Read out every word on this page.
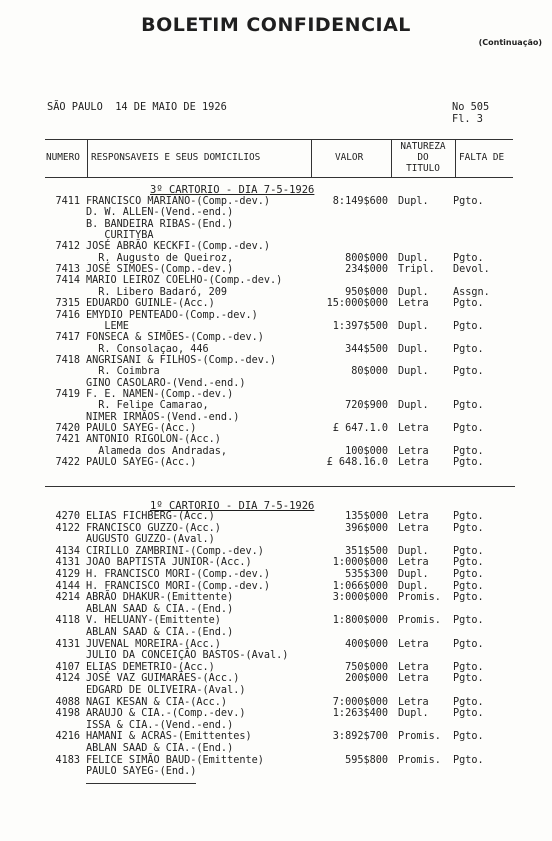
BOLETIM CONFIDENCIAL
(Continuação)
SÃO PAULO  14 DE MAIO DE 1926	No 505
Fl. 3
NUMERO RESPONSAVEIS E SEUS DOMICILIOS	VALOR
NATUREZA
DO
TITULO
FALTA DE
3º CARTORIO - DIA 7-5-1926
7411 FRANCISCO MARIANO-(Comp.-dev.)	8:149$600 Dupl. Pgto.
D. W. ALLEN-(Vend.-end.)
B. BANDEIRA RIBAS-(End.)
CURITYBA
7412 JOSÉ ABRÃO KECKFI-(Comp.-dev.)
R. Augusto de Queiroz,	800$000 Dupl. Pgto.
7413 JOSÉ SIMOES-(Comp.-dev.)	234$000 Tripl. Devol.
7414 MARIO LEIROZ COELHO-(Comp.-dev.)
R. Libero Badaró, 209	950$000 Dupl. Assgn.
7315 EDUARDO GUINLE-(Acc.)	15:000$000 Letra Pgto.
7416 EMYDIO PENTEADO-(Comp.-dev.)
LEME	1:397$500 Dupl. Pgto.
7417 FONSECA & SIMÕES-(Comp.-dev.)
R. Consolaçao, 446	344$500 Dupl. Pgto.
7418 ANGRISANI & FILHOS-(Comp.-dev.)
R. Coimbra	80$000 Dupl. Pgto.
GINO CASOLARO-(Vend.-end.)
7419 F. E. NAMEN-(Comp.-dev.)
R. Felipe Camarao,	720$900 Dupl. Pgto.
NIMER IRMÃOS-(Vend.-end.)
7420 PAULO SAYEG-(Acc.)	£ 647.1.0 Letra Pgto.
7421 ANTONIO RIGOLON-(Acc.)
Alameda dos Andradas,	100$000 Letra Pgto.
7422 PAULO SAYEG-(Acc.)	£ 648.16.0 Letra Pgto.
1º CARTORIO - DIA 7-5-1926
4270 ELIAS FICHBERG-(Acc.)	135$000 Letra Pgto.
4122 FRANCISCO GUZZO-(Acc.)	396$000 Letra Pgto.
AUGUSTO GUZZO-(Aval.)
4134 CIRILLO ZAMBRINI-(Comp.-dev.)	351$500 Dupl. Pgto.
4131 JOAO BAPTISTA JUNIOR-(Acc.)	1:000$000 Letra Pgto.
4129 H. FRANCISCO MORI-(Comp.-dev.)	535$300 Dupl. Pgto.
4144 H. FRANCISCO MORI-(Comp.-dev.)	1:066$000 Dupl. Pgto.
4214 ABRÃO DHAKUR-(Emittente)	3:000$000 Promis. Pgto.
ABLAN SAAD & CIA.-(End.)
4118 V. HELUANY-(Emittente)	1:800$000 Promis. Pgto.
ABLAN SAAD & CIA.-(End.)
4131 JUVENAL MOREIRA-(Acc.)	400$000 Letra Pgto.
JULIO DA CONCEIÇÃO BASTOS-(Aval.)
4107 ELIAS DEMETRIO-(Acc.)	750$000 Letra Pgto.
4124 JOSÉ VAZ GUIMARÃES-(Acc.)	200$000 Letra Pgto.
EDGARD DE OLIVEIRA-(Aval.)
4088 NAGI KESAN & CIA-(Acc.)	7:000$000 Letra Pgto.
4198 ARAUJO & CIA.-(Comp.-dev.)	1:263$400 Dupl. Pgto.
ISSA & CIA.-(Vend.-end.)
4216 HAMANI & ACRAS-(Emittentes)	3:892$700 Promis. Pgto.
ABLAN SAAD & CIA.-(End.)
4183 FELICE SIMÃO BAUD-(Emittente)	595$800 Promis. Pgto.
PAULO SAYEG-(End.)
